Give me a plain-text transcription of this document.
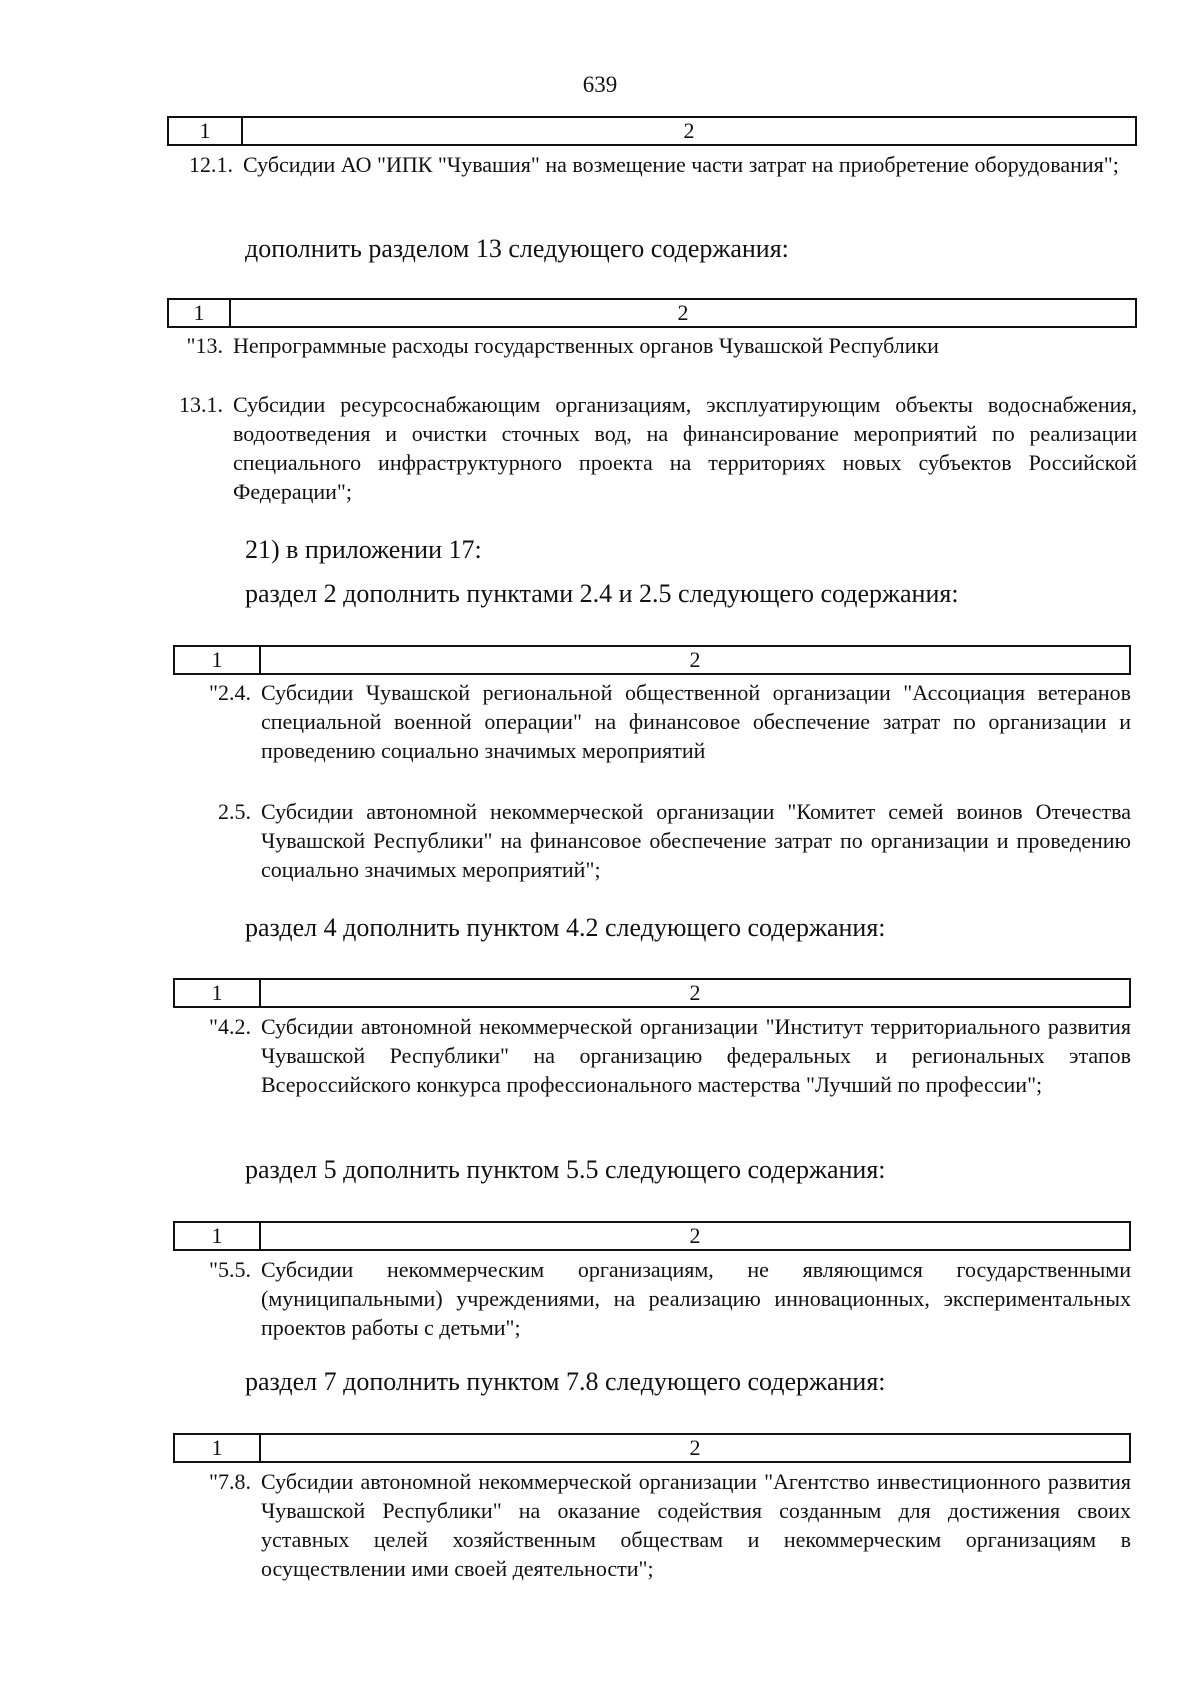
639
1	2
12.1. Субсидии АО "ИПК "Чувашия" на возмещение части затрат на приобретение оборудования";
дополнить разделом 13 следующего содержания:
1	2
"13. Непрограммные расходы государственных органов Чувашской Республики
13.1. Субсидии ресурсоснабжающим организациям, эксплуатирующим объекты водоснабжения, водоотведения и очистки сточных вод, на финансирование мероприятий по реализации специального инфраструктурного проекта на территориях новых субъектов Российской Федерации";
21) в приложении 17:
раздел 2 дополнить пунктами 2.4 и 2.5 следующего содержания:
1	2
"2.4. Субсидии Чувашской региональной общественной организации "Ассоциация ветеранов специальной военной операции" на финансовое обеспечение затрат по организации и проведению социально значимых мероприятий
2.5. Субсидии автономной некоммерческой организации "Комитет семей воинов Отечества Чувашской Республики" на финансовое обеспечение затрат по организации и проведению социально значимых мероприятий";
раздел 4 дополнить пунктом 4.2 следующего содержания:
1	2
"4.2. Субсидии автономной некоммерческой организации "Институт территориального развития Чувашской Республики" на организацию федеральных и региональных этапов Всероссийского конкурса профессионального мастерства "Лучший по профессии";
раздел 5 дополнить пунктом 5.5 следующего содержания:
1	2
"5.5. Субсидии некоммерческим организациям, не являющимся государственными (муниципальными) учреждениями, на реализацию инновационных, экспериментальных проектов работы с детьми";
раздел 7 дополнить пунктом 7.8 следующего содержания:
1	2
"7.8. Субсидии автономной некоммерческой организации "Агентство инвестиционного развития Чувашской Республики" на оказание содействия созданным для достижения своих уставных целей хозяйственным обществам и некоммерческим организациям в осуществлении ими своей деятельности";
